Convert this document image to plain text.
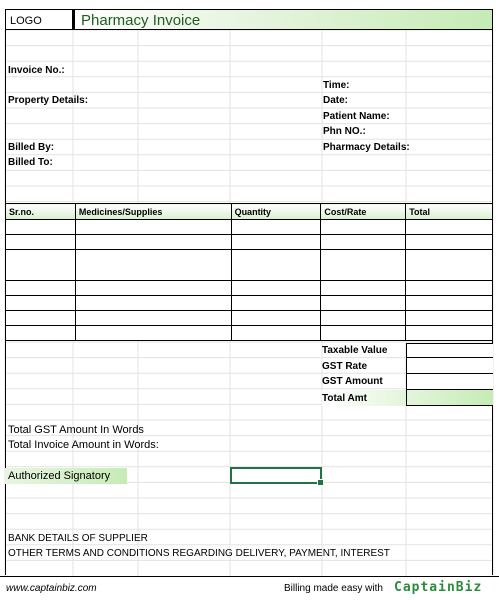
LOGO	Pharmacy Invoice
Invoice No.:
Property Details:
Billed By:
Billed To:
Time:
Date:
Patient Name:
Phn NO.:
Pharmacy Details:
Sr.no.	Medicines/Supplies	Quantity	Cost/Rate	Total

Taxable Value
GST Rate
GST Amount
Total Amt
Total GST Amount In Words
Total Invoice Amount in Words:
Authorized Signatory
BANK DETAILS OF SUPPLIER
OTHER TERMS AND CONDITIONS REGARDING DELIVERY, PAYMENT, INTEREST
www.captainbiz.com	Billing made easy with CaptainBiz
